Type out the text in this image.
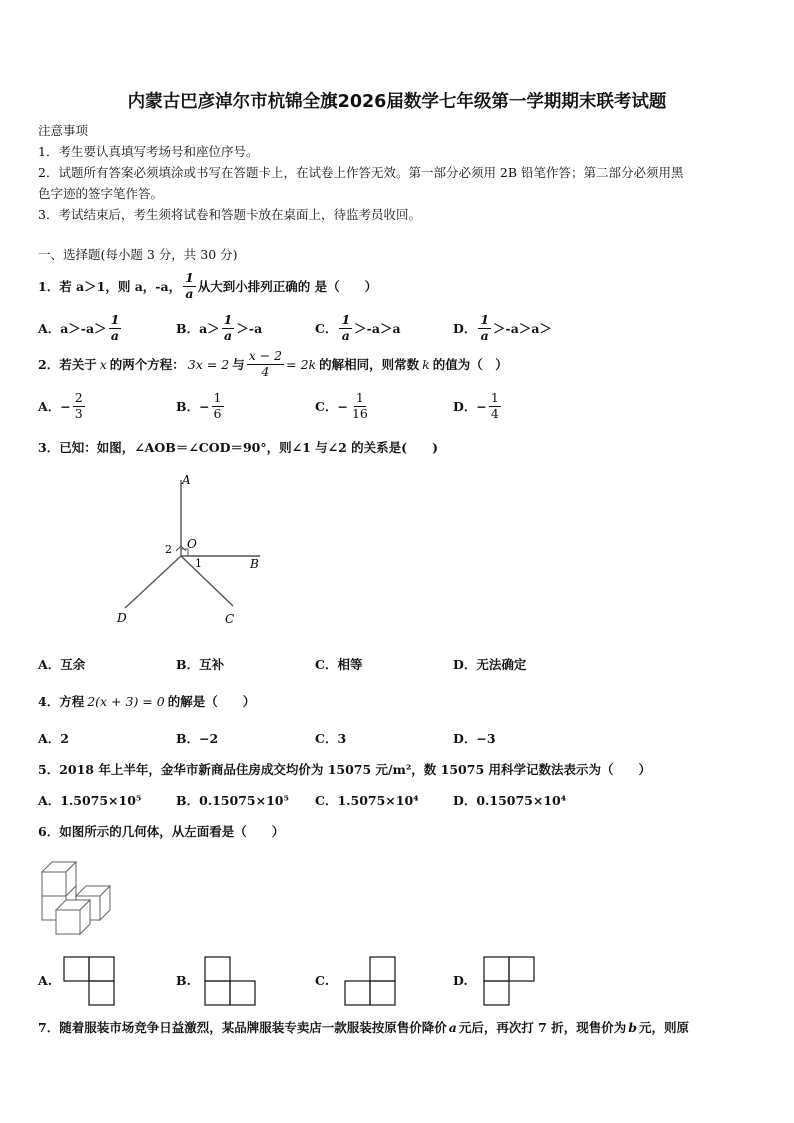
内蒙古巴彦淖尔市杭锦全旗2026届数学七年级第一学期期末联考试题
注意事项
1．考生要认真填写考场号和座位序号。
2．试题所有答案必须填涂或书写在答题卡上，在试卷上作答无效。第一部分必须用 2B 铅笔作答；第二部分必须用黑
色字迹的签字笔作答。
3．考试结束后，考生须将试卷和答题卡放在桌面上，待监考员收回。
一、选择题(每小题 3 分，共 30 分)
1．若 a＞1，则 a，-a， $\frac{1}{a}$ 从大到小排列正确的 是（　　）
A．$a>-a> \frac{1}{a}$	B．$a> \frac{1}{a} >-a$	C． $\frac{1}{a} >-a>a$	D． $\frac{1}{a} >-a>a>$
2．若关于 x 的两个方程： 3x = 2 与 $\frac{x - 2}{4} = 2k$ 的解相同，则常数 k 的值为（　）
A．− $\frac{2}{3}$	B．− $\frac{1}{6}$	C．− $\frac{1}{16}$	D．− $\frac{1}{4}$
3．已知：如图，∠AOB＝∠COD＝90°，则∠1 与∠2 的关系是(　　)
A
B
C
D
O
1
2
A．互余	B．互补	C．相等	D．无法确定
4．方程 2(x + 3) = 0 的解是（　　）
A．2	B．−2	C．3	D．−3
5．2018 年上半年，金华市新商品住房成交均价为 15075 元/m²，数 15075 用科学记数法表示为（　　）
A．1.5075×10⁵	B．0.15075×10⁵ C．1.5075×10⁴	D．0.15075×10⁴
6．如图所示的几何体，从左面看是（　　）
A.	B.	C.	D.
7．随着服装市场竞争日益激烈，某品牌服装专卖店一款服装按原售价降价 a 元后，再次打 7 折，现售价为 b 元，则原
